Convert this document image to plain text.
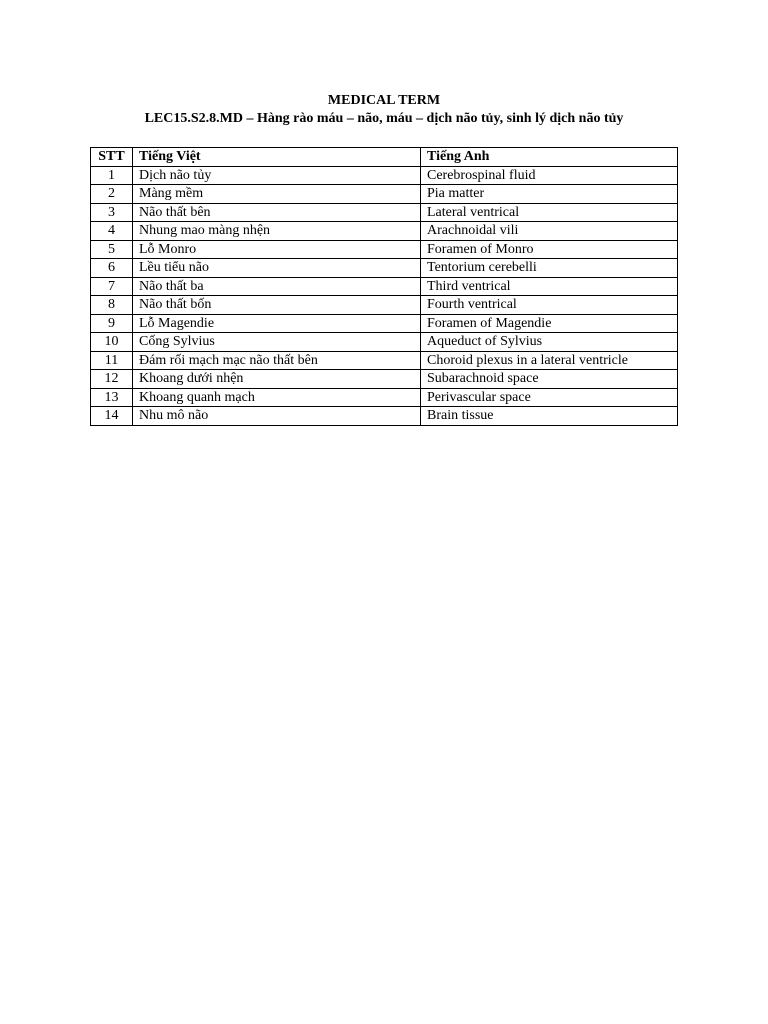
MEDICAL TERM
LEC15.S2.8.MD – Hàng rào máu – não, máu – dịch não tủy, sinh lý dịch não tủy
STT	Tiếng Việt	Tiếng Anh
1	Dịch não tủy	Cerebrospinal fluid
2	Màng mềm	Pia matter
3	Não thất bên	Lateral ventrical
4	Nhung mao màng nhện	Arachnoidal vili
5	Lỗ Monro	Foramen of Monro
6	Lều tiểu não	Tentorium cerebelli
7	Não thất ba	Third ventrical
8	Não thất bốn	Fourth ventrical
9	Lỗ Magendie	Foramen of Magendie
10	Cống Sylvius	Aqueduct of Sylvius
11	Đám rối mạch mạc não thất bên	Choroid plexus in a lateral ventricle
12	Khoang dưới nhện	Subarachnoid space
13	Khoang quanh mạch	Perivascular space
14	Nhu mô não	Brain tissue
